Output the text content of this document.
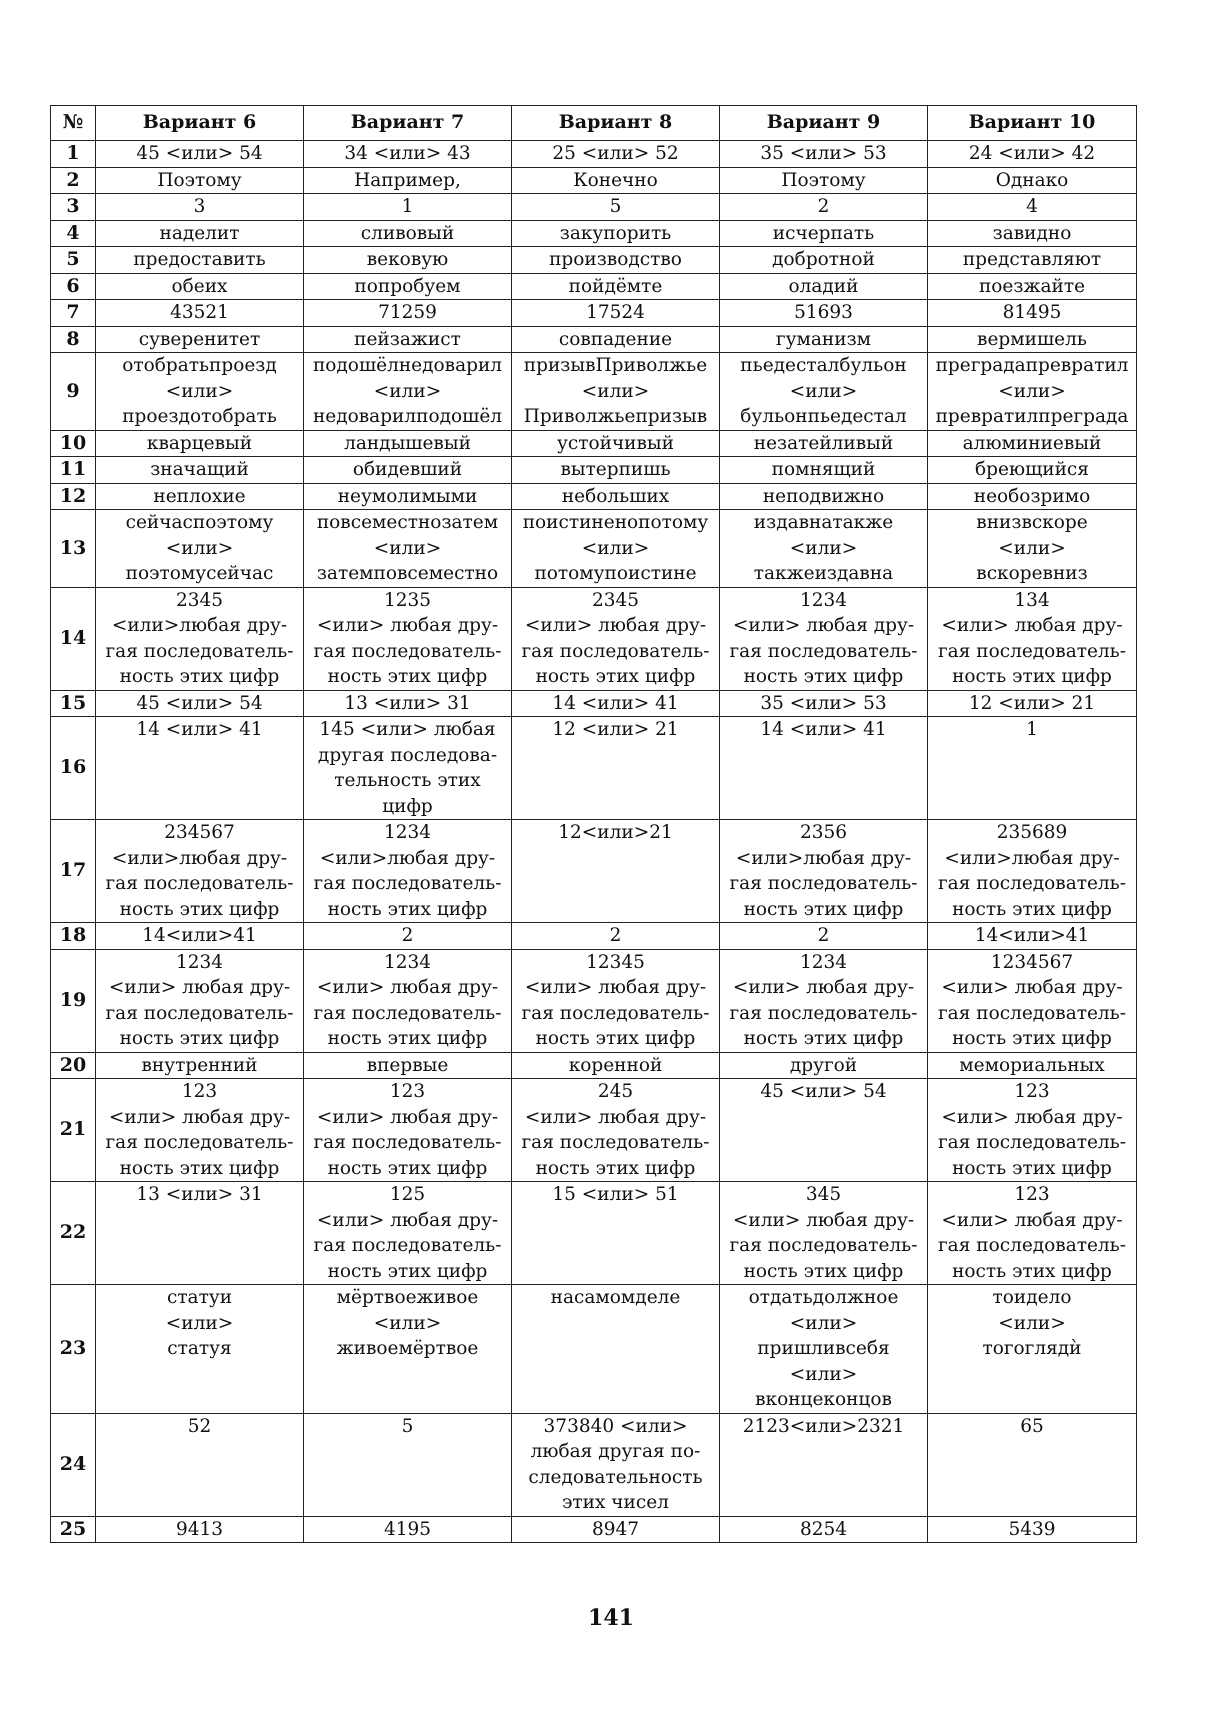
№	Вариант 6	Вариант 7	Вариант 8	Вариант 9	Вариант 10
1	45 <или> 54	34 <или> 43	25 <или> 52	35 <или> 53	24 <или> 42
2	Поэтому	Например,	Конечно	Поэтому	Однако
3	3	1	5	2	4
4	наделит	сливовый	закупорить	исчерпать	завидно
5	предоставить	вековую	производство	добротной	представляют
6	обеих	попробуем	пойдёмте	оладий	поезжайте
7	43521	71259	17524	51693	81495
8	суверенитет	пейзажист	совпадение	гуманизм	вермишель
9	отобратьпроезд
<или>
проездотобрать	подошёлнедоварил
<или>
недоварилподошёл	призывПриволжье
<или>
Приволжьепризыв	пьедесталбульон
<или>
бульонпьедестал	преградапревратил
<или>
превратилпреграда
10	кварцевый	ландышевый	устойчивый	незатейливый	алюминиевый
11	значащий	обидевший	вытерпишь	помнящий	бреющийся
12	неплохие	неумолимыми	небольших	неподвижно	необозримо
13	сейчаспоэтому
<или>
поэтомусейчас	повсеместнозатем
<или>
затемповсеместно	поистиненопотому
<или>
потомупоистине	издавнатакже
<или>
такжеиздавна	внизвскоре
<или>
вскоревниз
14	2345
<или>любая дру-
гая последователь-
ность этих цифр	1235
<или> любая дру-
гая последователь-
ность этих цифр	2345
<или> любая дру-
гая последователь-
ность этих цифр	1234
<или> любая дру-
гая последователь-
ность этих цифр	134
<или> любая дру-
гая последователь-
ность этих цифр
15	45 <или> 54	13 <или> 31	14 <или> 41	35 <или> 53	12 <или> 21
16	14 <или> 41	145 <или> любая
другая последова-
тельность этих
цифр	12 <или> 21	14 <или> 41	1
17	234567
<или>любая дру-
гая последователь-
ность этих цифр	1234
<или>любая дру-
гая последователь-
ность этих цифр	12<или>21	2356
<или>любая дру-
гая последователь-
ность этих цифр	235689
<или>любая дру-
гая последователь-
ность этих цифр
18	14<или>41	2	2	2	14<или>41
19	1234
<или> любая дру-
гая последователь-
ность этих цифр	1234
<или> любая дру-
гая последователь-
ность этих цифр	12345
<или> любая дру-
гая последователь-
ность этих цифр	1234
<или> любая дру-
гая последователь-
ность этих цифр	1234567
<или> любая дру-
гая последователь-
ность этих цифр
20	внутренний	впервые	коренной	другой	мемориальных
21	123
<или> любая дру-
гая последователь-
ность этих цифр	123
<или> любая дру-
гая последователь-
ность этих цифр	245
<или> любая дру-
гая последователь-
ность этих цифр	45 <или> 54	123
<или> любая дру-
гая последователь-
ность этих цифр
22	13 <или> 31	125
<или> любая дру-
гая последователь-
ность этих цифр	15 <или> 51	345
<или> любая дру-
гая последователь-
ность этих цифр	123
<или> любая дру-
гая последователь-
ность этих цифр
23	статуи
<или>
статуя	мёртвоеживое
<или>
живоемёртвое	насамомделе	отдатьдолжное
<или>
пришливсебя
<или>
вконцеконцов	тоидело
<или>
тогоглядѝ
24	52	5	373840 <или>
любая другая по-
следовательность
этих чисел	2123<или>2321	65
25	9413	4195	8947	8254	5439
141
